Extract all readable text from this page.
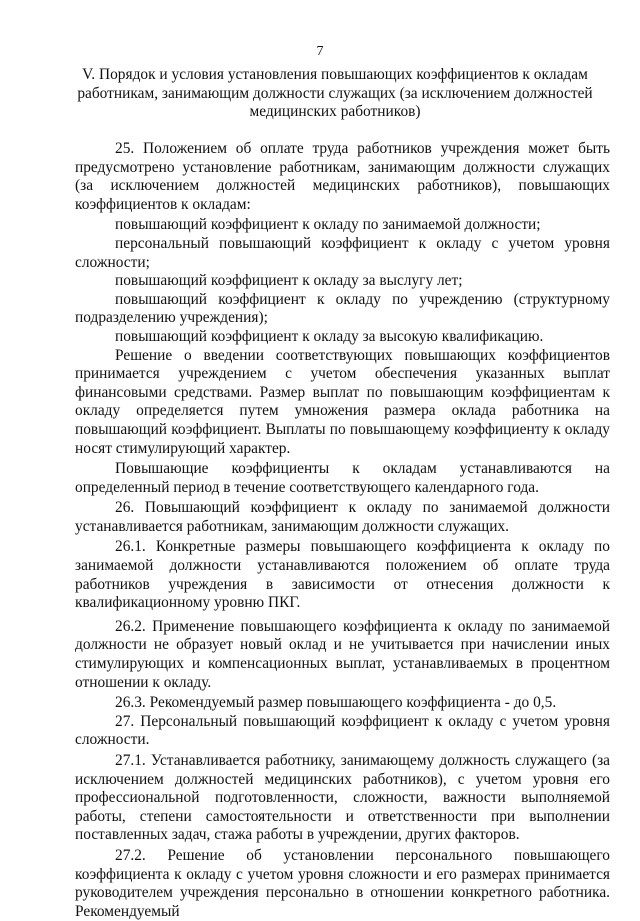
7
V. Порядок и условия установления повышающих коэффициентов к окладам работникам, занимающим должности служащих (за исключением должностей медицинских работников)

25. Положением об оплате труда работников учреждения может быть предусмотрено установление работникам, занимающим должности служащих (за исключением должностей медицинских работников), повышающих коэффициентов к окладам:

повышающий коэффициент к окладу по занимаемой должности;

персональный повышающий коэффициент к окладу с учетом уровня сложности;

повышающий коэффициент к окладу за выслугу лет;

повышающий коэффициент к окладу по учреждению (структурному подразделению учреждения);

повышающий коэффициент к окладу за высокую квалификацию.

Решение о введении соответствующих повышающих коэффициентов принимается учреждением с учетом обеспечения указанных выплат финансовыми средствами. Размер выплат по повышающим коэффициентам к окладу определяется путем умножения размера оклада работника на повышающий коэффициент. Выплаты по повышающему коэффициенту к окладу носят стимулирующий характер.

Повышающие коэффициенты к окладам устанавливаются на определенный период в течение соответствующего календарного года.

26. Повышающий коэффициент к окладу по занимаемой должности устанавливается работникам, занимающим должности служащих.

26.1. Конкретные размеры повышающего коэффициента к окладу по занимаемой должности устанавливаются положением об оплате труда работников учреждения в зависимости от отнесения должности к квалификационному уровню ПКГ.

26.2. Применение повышающего коэффициента к окладу по занимаемой должности не образует новый оклад и не учитывается при начислении иных стимулирующих и компенсационных выплат, устанавливаемых в процентном отношении к окладу.

26.3. Рекомендуемый размер повышающего коэффициента - до 0,5.

27. Персональный повышающий коэффициент к окладу с учетом уровня сложности.

27.1. Устанавливается работнику, занимающему должность служащего (за исключением должностей медицинских работников), с учетом уровня его профессиональной подготовленности, сложности, важности выполняемой работы, степени самостоятельности и ответственности при выполнении поставленных задач, стажа работы в учреждении, других факторов.

27.2. Решение об установлении персонального повышающего коэффициента к окладу с учетом уровня сложности и его размерах принимается руководителем учреждения персонально в отношении конкретного работника. Рекомендуемый
